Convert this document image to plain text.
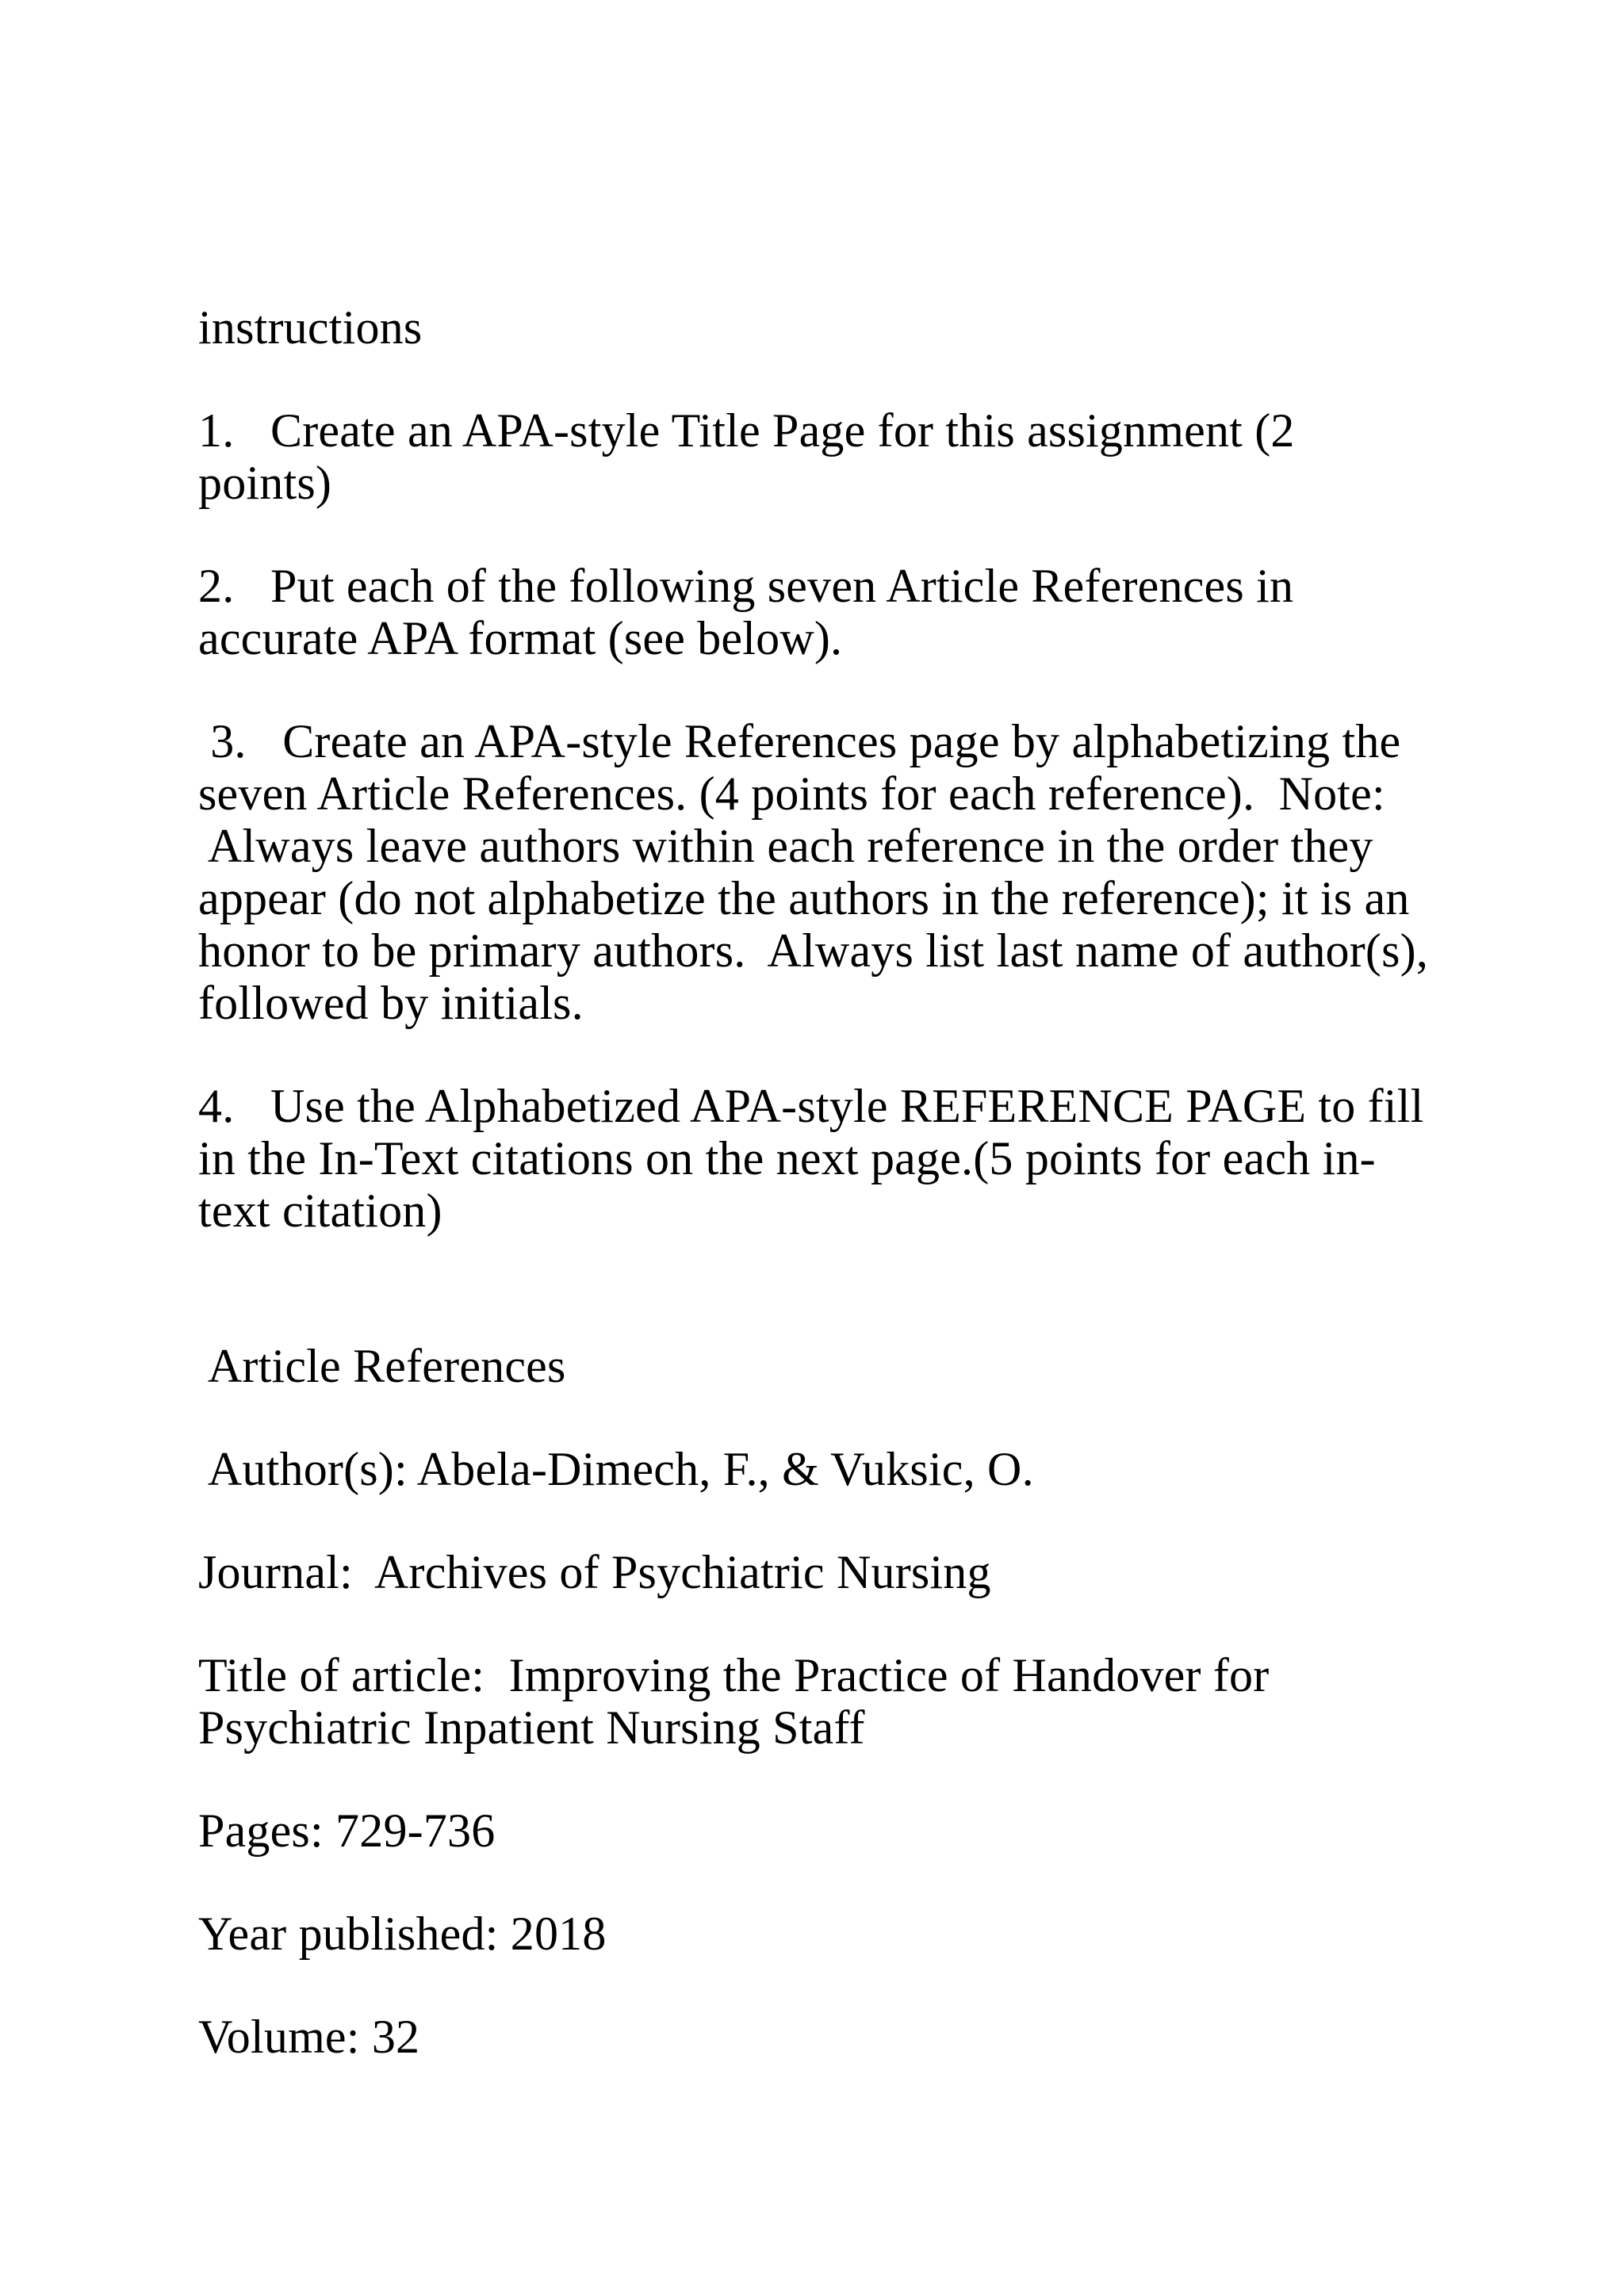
instructions

1.   Create an APA-style Title Page for this assignment (2
points)

2.   Put each of the following seven Article References in
accurate APA format (see below).

3.   Create an APA-style References page by alphabetizing the
seven Article References. (4 points for each reference).  Note:
Always leave authors within each reference in the order they
appear (do not alphabetize the authors in the reference); it is an
honor to be primary authors.  Always list last name of author(s),
followed by initials.

4.   Use the Alphabetized APA-style REFERENCE PAGE to fill
in the In-Text citations on the next page.(5 points for each in-
text citation)

Article References

Author(s): Abela-Dimech, F., & Vuksic, O.

Journal:  Archives of Psychiatric Nursing

Title of article:  Improving the Practice of Handover for
Psychiatric Inpatient Nursing Staff

Pages: 729-736

Year published: 2018

Volume: 32
